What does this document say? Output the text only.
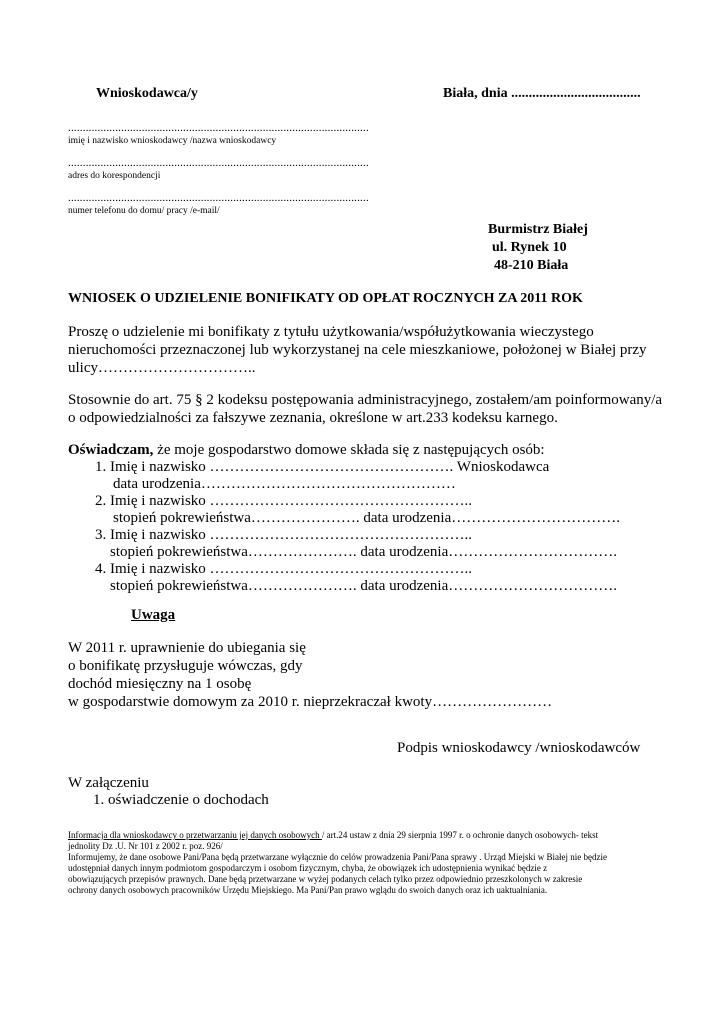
Wnioskodawca/y	Biała, dnia .....................................
......................................................................................................
imię i nazwisko wnioskodawcy /nazwa wnioskodawcy
......................................................................................................
adres do korespondencji
......................................................................................................
numer telefonu do domu/ pracy /e-mail/
Burmistrz Białej
ul. Rynek 10
48-210 Biała
WNIOSEK O UDZIELENIE BONIFIKATY OD OPŁAT ROCZNYCH ZA 2011 ROK
Proszę o udzielenie mi bonifikaty z tytułu użytkowania/współużytkowania wieczystego
nieruchomości przeznaczonej lub wykorzystanej na cele mieszkaniowe, położonej w Białej przy
ulicy…………………………..
Stosownie do art. 75 § 2 kodeksu postępowania administracyjnego, zostałem/am poinformowany/a
o odpowiedzialności za fałszywe zeznania, określone w art.233 kodeksu karnego.
Oświadczam, że moje gospodarstwo domowe składa się z następujących osób:
1. Imię i nazwisko …………………………………………. Wnioskodawca
data urodzenia……………………………………………
2. Imię i nazwisko ……………………………………………..
stopień pokrewieństwa…………………. data urodzenia…………………………….
3. Imię i nazwisko ……………………………………………..
stopień pokrewieństwa…………………. data urodzenia…………………………….
4. Imię i nazwisko ……………………………………………..
stopień pokrewieństwa…………………. data urodzenia…………………………….
Uwaga
W 2011 r. uprawnienie do ubiegania się
o bonifikatę przysługuje wówczas, gdy
dochód miesięczny na 1 osobę
w gospodarstwie domowym za 2010 r. nieprzekraczał kwoty……………………
Podpis wnioskodawcy /wnioskodawców
W załączeniu
1. oświadczenie o dochodach
Informacja dla wnioskodawcy o przetwarzaniu jej danych osobowych / art.24 ustaw z dnia 29 sierpnia 1997 r. o ochronie danych osobowych- tekst
jednolity Dz .U. Nr 101 z 2002 r. poz. 926/
Informujemy, że dane osobowe Pani/Pana będą przetwarzane wyłącznie do celów prowadzenia Pani/Pana sprawy . Urząd Miejski w Białej nie będzie
udostępniał danych innym podmiotom gospodarczym i osobom fizycznym, chyba, że obowiązek ich udostępnienia wynikać będzie z
obowiązujących przepisów prawnych. Dane będą przetwarzane w wyżej podanych celach tylko przez odpowiednio przeszkolonych w zakresie
ochrony danych osobowych pracowników Urzędu Miejskiego. Ma Pani/Pan prawo wglądu do swoich danych oraz ich uaktualniania.
